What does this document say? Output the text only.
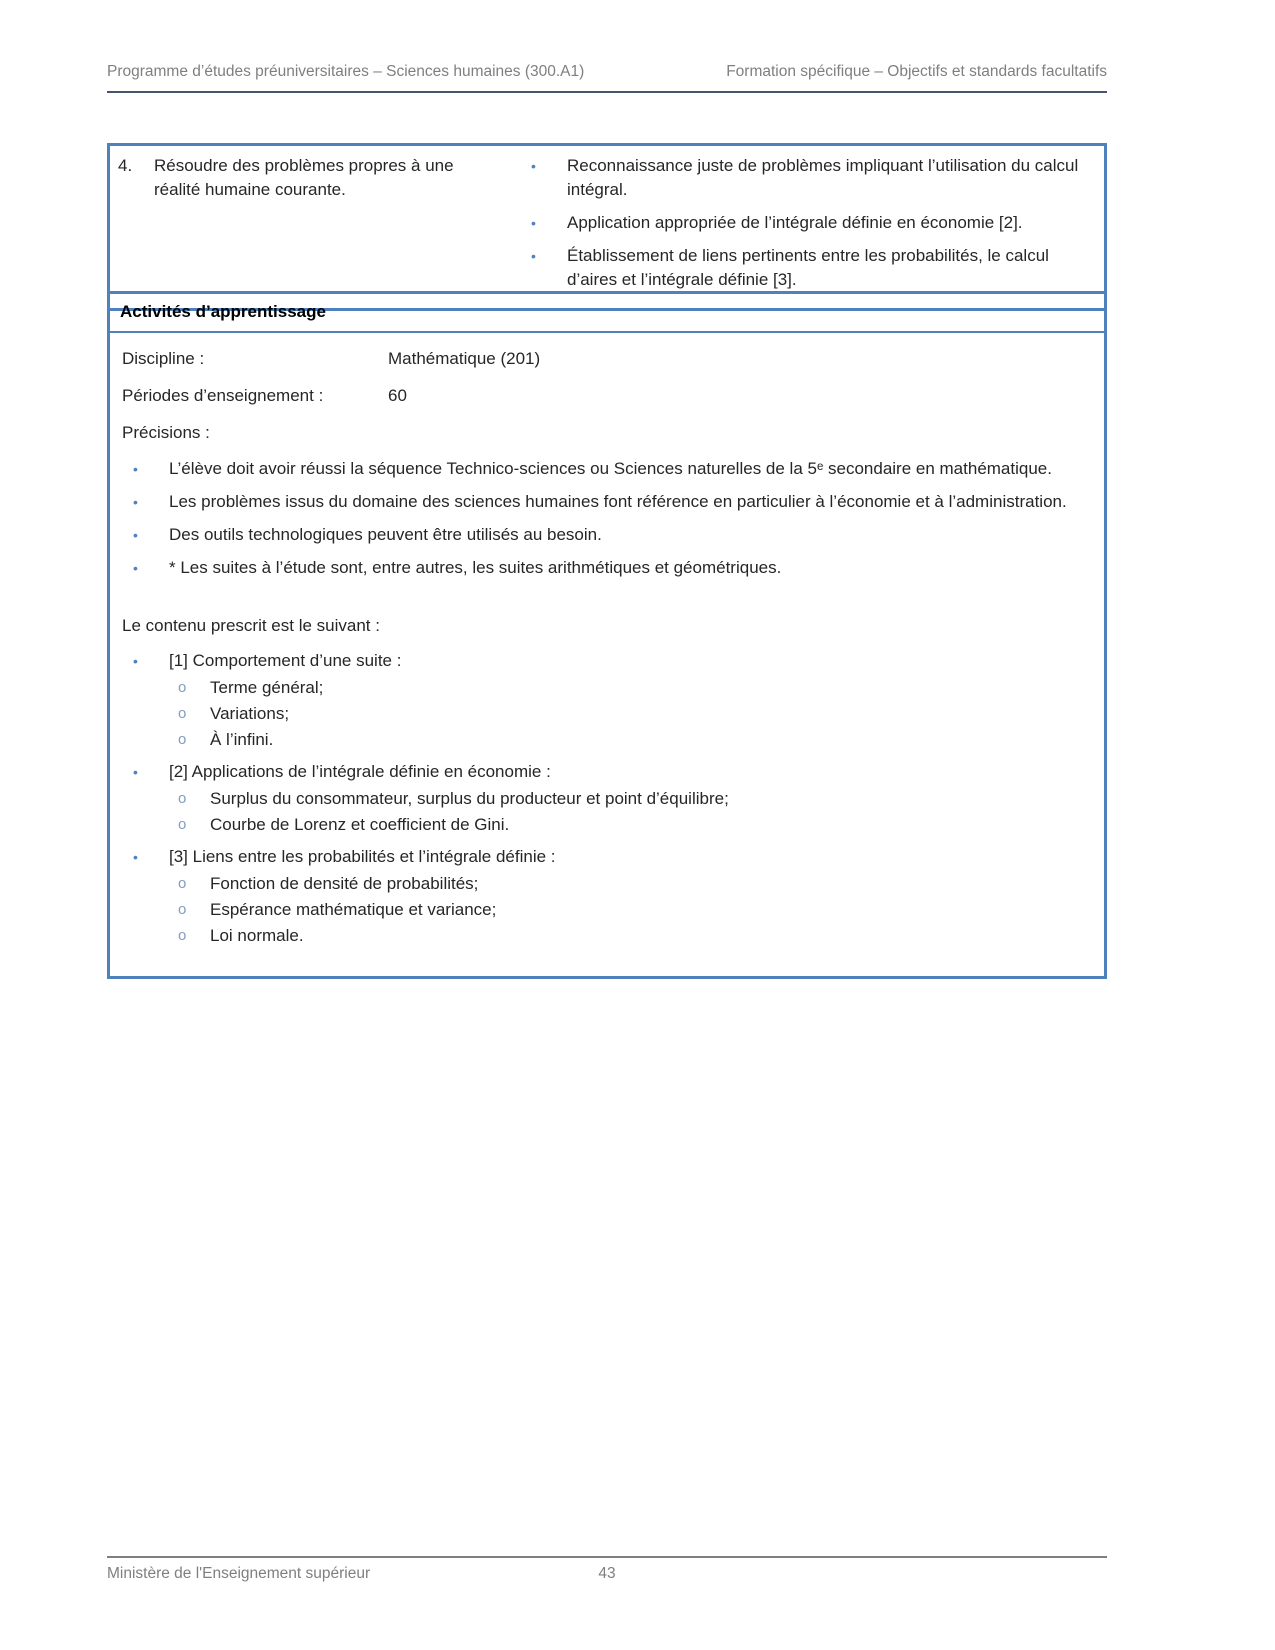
Programme d’études préuniversitaires – Sciences humaines (300.A1)	Formation spécifique – Objectifs et standards facultatifs
4.	Résoudre des problèmes propres à une réalité humaine courante.
•	Reconnaissance juste de problèmes impliquant l’utilisation du calcul intégral.
•	Application appropriée de l’intégrale définie en économie [2].
•	Établissement de liens pertinents entre les probabilités, le calcul d’aires et l’intégrale définie [3].
Activités d’apprentissage
Discipline :	Mathématique (201)
Périodes d’enseignement :	60
Précisions :
•	L’élève doit avoir réussi la séquence Technico-sciences ou Sciences naturelles de la 5ᵉ secondaire en mathématique.
•	Les problèmes issus du domaine des sciences humaines font référence en particulier à l’économie et à l’administration.
•	Des outils technologiques peuvent être utilisés au besoin.
•	* Les suites à l’étude sont, entre autres, les suites arithmétiques et géométriques.
Le contenu prescrit est le suivant :
•	[1] Comportement d’une suite :
o	Terme général;
o	Variations;
o	À l’infini.
•	[2] Applications de l’intégrale définie en économie :
o	Surplus du consommateur, surplus du producteur et point d’équilibre;
o	Courbe de Lorenz et coefficient de Gini.
•	[3] Liens entre les probabilités et l’intégrale définie :
o	Fonction de densité de probabilités;
o	Espérance mathématique et variance;
o	Loi normale.
Ministère de l'Enseignement supérieur	43
